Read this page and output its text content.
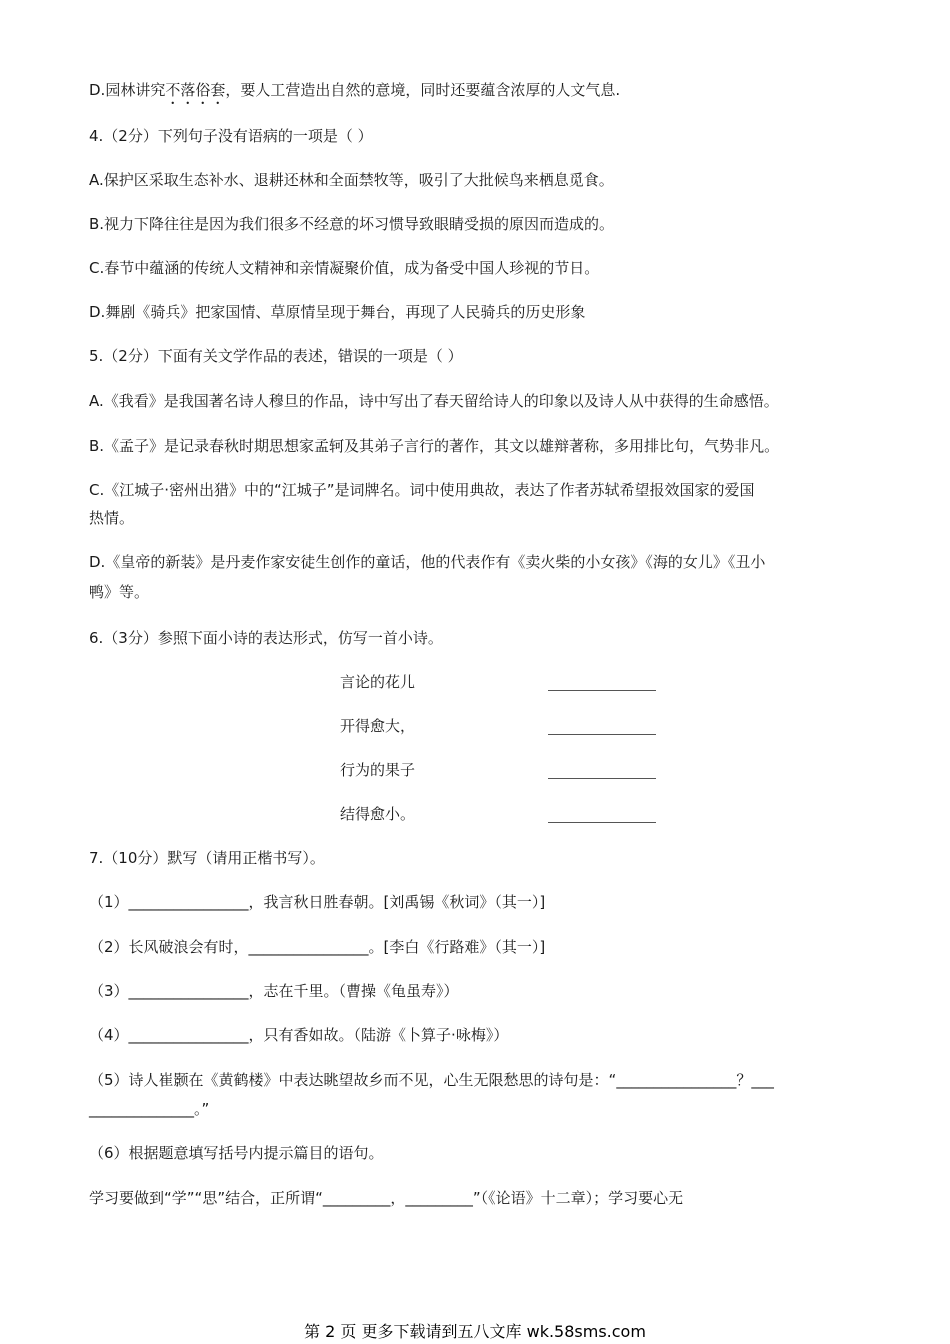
D.园林讲究不落俗套，要人工营造出自然的意境，同时还要蕴含浓厚的人文气息.
4.（2分）下列句子没有语病的一项是（ ）
A.保护区采取生态补水、退耕还林和全面禁牧等，吸引了大批候鸟来栖息觅食。
B.视力下降往往是因为我们很多不经意的坏习惯导致眼睛受损的原因而造成的。
C.春节中蕴涵的传统人文精神和亲情凝聚价值，成为备受中国人珍视的节日。
D.舞剧《骑兵》把家国情、草原情呈现于舞台，再现了人民骑兵的历史形象
5.（2分）下面有关文学作品的表述，错误的一项是（ ）
A.《我看》是我国著名诗人穆旦的作品，诗中写出了春天留给诗人的印象以及诗人从中获得的生命感悟。
B.《孟子》是记录春秋时期思想家孟轲及其弟子言行的著作，其文以雄辩著称，多用排比句，气势非凡。
C.《江城子·密州出猎》中的“江城子”是词牌名。词中使用典故，表达了作者苏轼希望报效国家的爱国
热情。
D.《皇帝的新装》是丹麦作家安徒生创作的童话，他的代表作有《卖火柴的小女孩》《海的女儿》《丑小
鸭》等。
6.（3分）参照下面小诗的表达形式，仿写一首小诗。
言论的花儿
开得愈大，
行为的果子
结得愈小。
7.（10分）默写（请用正楷书写）。
（1）________________，我言秋日胜春朝。[刘禹锡《秋词》（其一）]
（2）长风破浪会有时，________________。[李白《行路难》（其一）]
（3）________________，志在千里。（曹操《龟虽寿》）
（4）________________，只有香如故。（陆游《卜算子·咏梅》）
（5）诗人崔颢在《黄鹤楼》中表达眺望故乡而不见，心生无限愁思的诗句是：“________________？___
______________。”
（6）根据题意填写括号内提示篇目的语句。
学习要做到“学”“思”结合，正所谓“_________，_________”（《论语》十二章）；学习要心无
第 2 页 更多下载请到五八文库 wk.58sms.com
